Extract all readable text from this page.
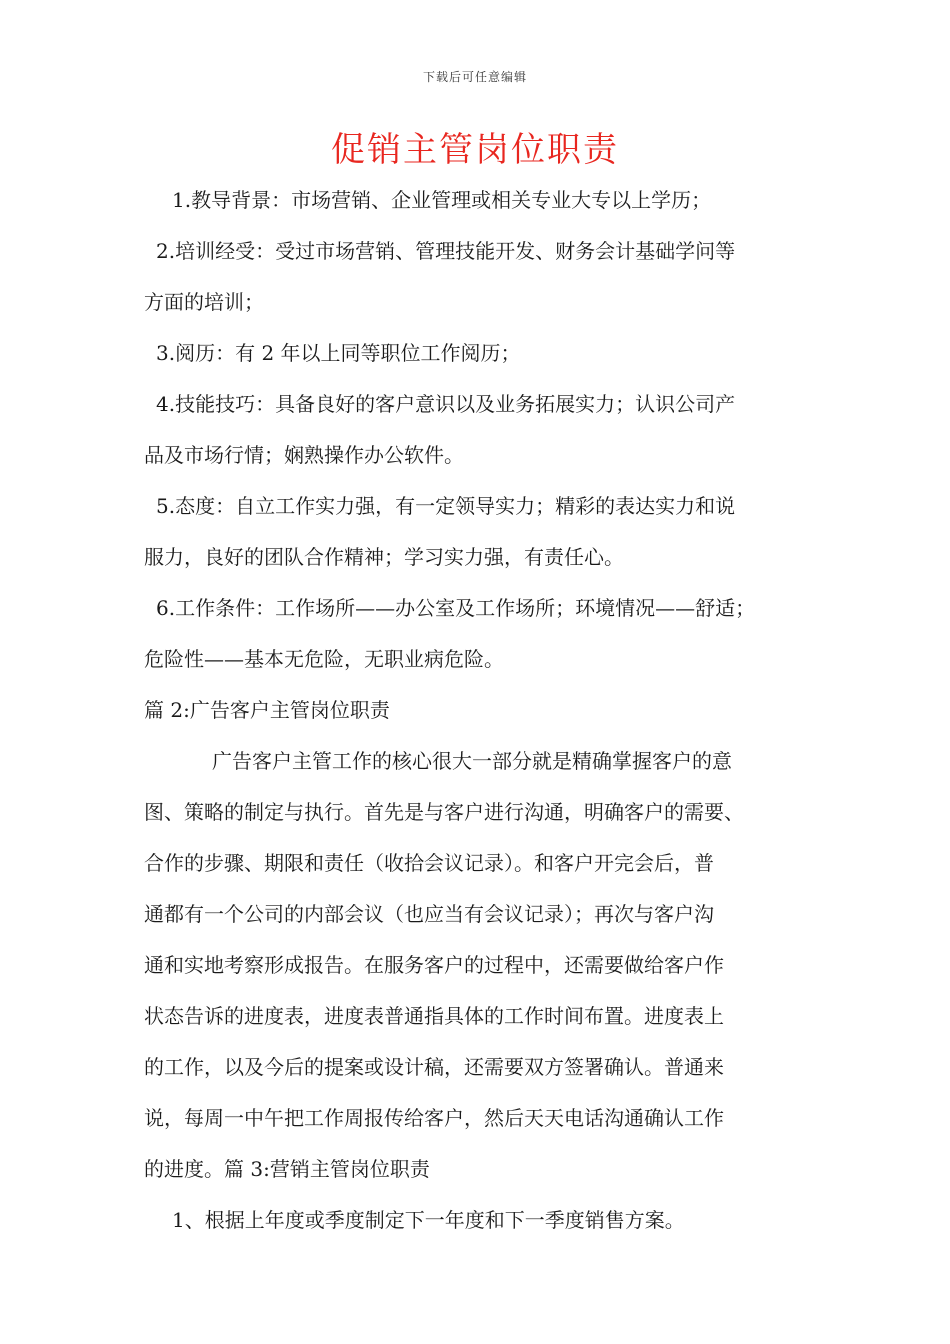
下载后可任意编辑
促销主管岗位职责
1.教导背景：市场营销、企业管理或相关专业大专以上学历；
2.培训经受：受过市场营销、管理技能开发、财务会计基础学问等
方面的培训；
3.阅历：有 2 年以上同等职位工作阅历；
4.技能技巧：具备良好的客户意识以及业务拓展实力；认识公司产
品及市场行情；娴熟操作办公软件。
5.态度：自立工作实力强，有一定领导实力；精彩的表达实力和说
服力，良好的团队合作精神；学习实力强，有责任心。
6.工作条件：工作场所——办公室及工作场所；环境情况——舒适；
危险性——基本无危险，无职业病危险。
篇 2:广告客户主管岗位职责
广告客户主管工作的核心很大一部分就是精确掌握客户的意
图、策略的制定与执行。首先是与客户进行沟通，明确客户的需要、
合作的步骤、期限和责任（收拾会议记录）。和客户开完会后，普
通都有一个公司的内部会议（也应当有会议记录）；再次与客户沟
通和实地考察形成报告。在服务客户的过程中，还需要做给客户作
状态告诉的进度表，进度表普通指具体的工作时间布置。进度表上
的工作，以及今后的提案或设计稿，还需要双方签署确认。普通来
说，每周一中午把工作周报传给客户，然后天天电话沟通确认工作
的进度。篇 3:营销主管岗位职责
1、根据上年度或季度制定下一年度和下一季度销售方案。
